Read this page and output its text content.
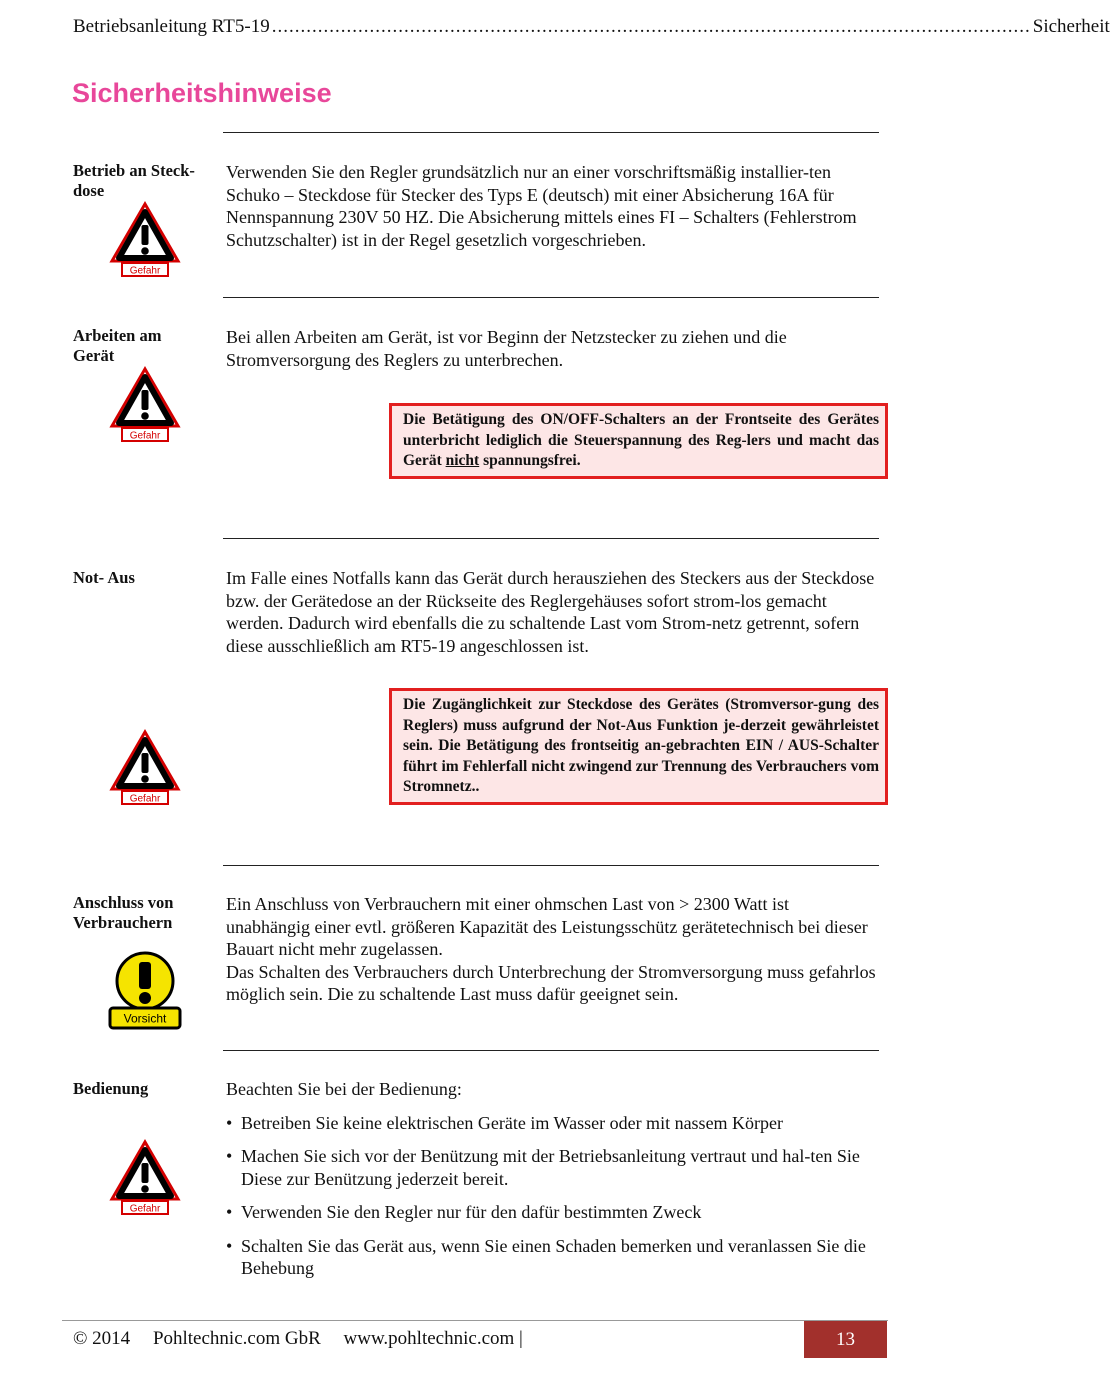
Betriebsanleitung RT5-19 .................................................................................................................................... Sicherheit
Sicherheitshinweise
Betrieb an Steck-dose
Gefahr
Verwenden Sie den Regler grundsätzlich nur an einer vorschriftsmäßig installier-ten Schuko – Steckdose für Stecker des Typs E (deutsch) mit einer Absicherung 16A für Nennspannung 230V 50 HZ. Die Absicherung mittels eines FI – Schalters (Fehlerstrom Schutzschalter) ist in der Regel gesetzlich vorgeschrieben.
Arbeiten am Gerät
Gefahr
Bei allen Arbeiten am Gerät, ist vor Beginn der Netzstecker zu ziehen und die Stromversorgung des Reglers zu unterbrechen.
Die Betätigung des ON/OFF-Schalters an der Frontseite des Gerätes unterbricht lediglich die Steuerspannung des Reg-lers und macht das Gerät nicht spannungsfrei.
Not- Aus	Im Falle eines Notfalls kann das Gerät durch herausziehen des Steckers aus der Steckdose bzw. der Gerätedose an der Rückseite des Reglergehäuses sofort strom-los gemacht werden. Dadurch wird ebenfalls die zu schaltende Last vom Strom-netz getrennt, sofern diese ausschließlich am RT5-19 angeschlossen ist.
Die Zugänglichkeit zur Steckdose des Gerätes (Stromversor-gung des Reglers) muss aufgrund der Not-Aus Funktion je-derzeit gewährleistet sein. Die Betätigung des frontseitig an-gebrachten EIN / AUS-Schalter führt im Fehlerfall nicht zwingend zur Trennung des Verbrauchers vom Stromnetz..
Gefahr
Anschluss von Verbrauchern
Vorsicht
Ein Anschluss von Verbrauchern mit einer ohmschen Last von > 2300 Watt ist unabhängig einer evtl. größeren Kapazität des Leistungsschütz gerätetechnisch bei dieser Bauart nicht mehr zugelassen.
Das Schalten des Verbrauchers durch Unterbrechung der Stromversorgung muss gefahrlos möglich sein. Die zu schaltende Last muss dafür geeignet sein.
Bedienung
Gefahr
Beachten Sie bei der Bedienung:
• Betreiben Sie keine elektrischen Geräte im Wasser oder mit nassem Körper
• Machen Sie sich vor der Benützung mit der Betriebsanleitung vertraut und hal-ten Sie Diese zur Benützung jederzeit bereit.
• Verwenden Sie den Regler nur für den dafür bestimmten Zweck
• Schalten Sie das Gerät aus, wenn Sie einen Schaden bemerken und veranlassen Sie die Behebung
© 2014 Pohltechnic.com GbR www.pohltechnic.com |	13
